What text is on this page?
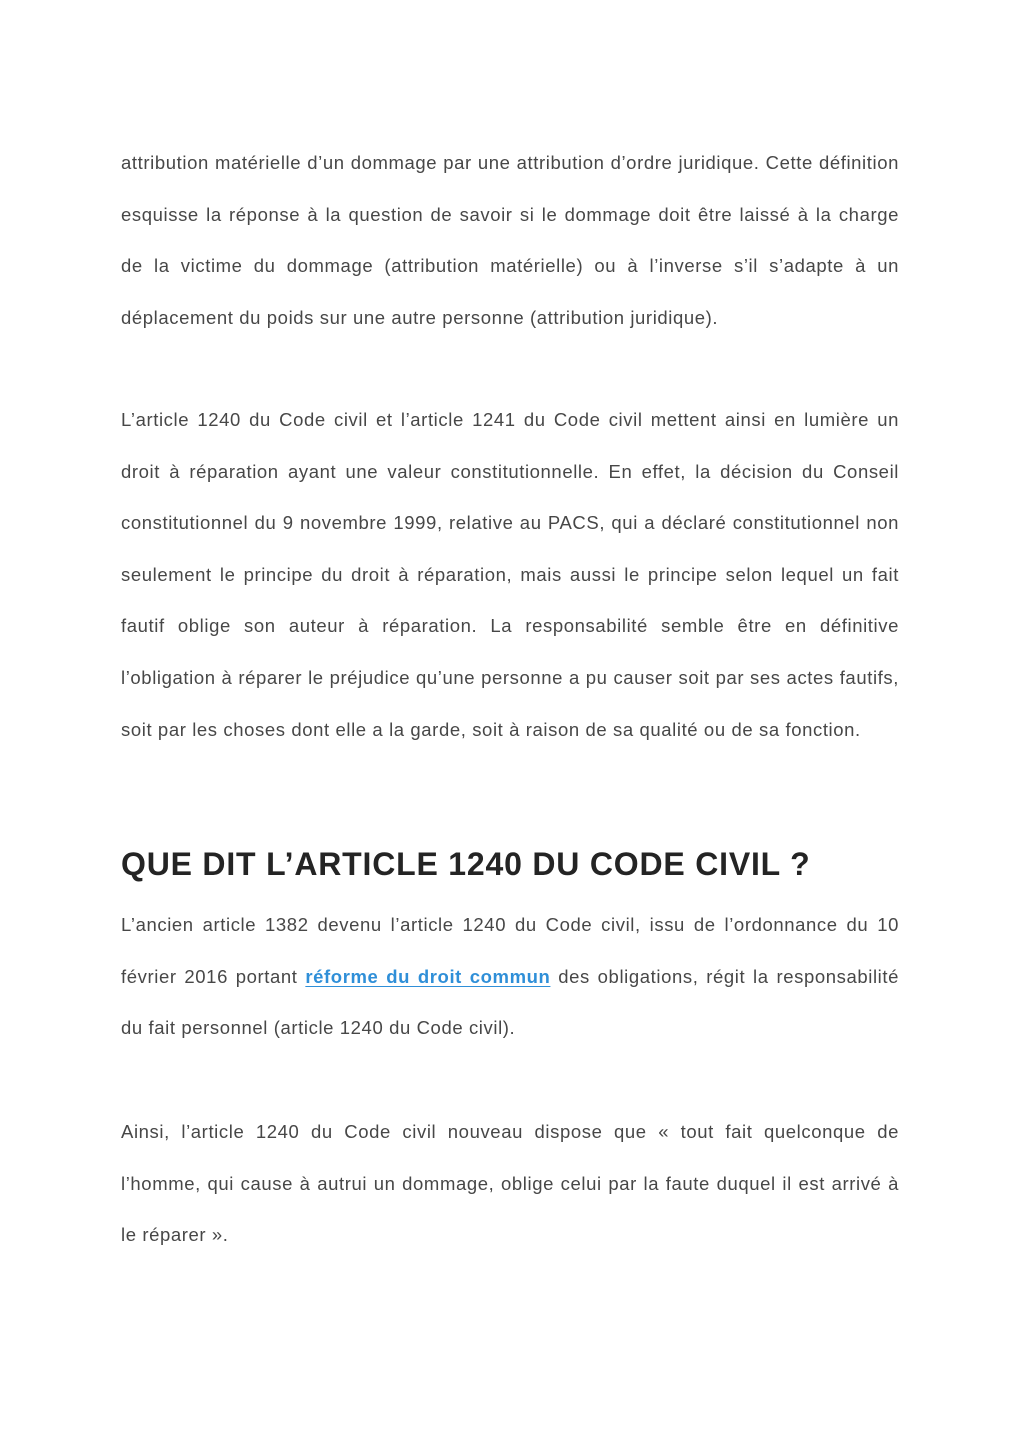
attribution matérielle d’un dommage par une attribution d’ordre juridique. Cette définition esquisse la réponse à la question de savoir si le dommage doit être laissé à la charge de la victime du dommage (attribution matérielle) ou à l’inverse s’il s’adapte à un déplacement du poids sur une autre personne (attribution juridique).

L’article 1240 du Code civil et l’article 1241 du Code civil mettent ainsi en lumière un droit à réparation ayant une valeur constitutionnelle. En effet, la décision du Conseil constitutionnel du 9 novembre 1999, relative au PACS, qui a déclaré constitutionnel non seulement le principe du droit à réparation, mais aussi le principe selon lequel un fait fautif oblige son auteur à réparation. La responsabilité semble être en définitive l’obligation à réparer le préjudice qu’une personne a pu causer soit par ses actes fautifs, soit par les choses dont elle a la garde, soit à raison de sa qualité ou de sa fonction.

QUE DIT L’ARTICLE 1240 DU CODE CIVIL ?

L’ancien article 1382 devenu l’article 1240 du Code civil, issu de l’ordonnance du 10 février 2016 portant réforme du droit commun des obligations, régit la responsabilité du fait personnel (article 1240 du Code civil).

Ainsi, l’article 1240 du Code civil nouveau dispose que « tout fait quelconque de l’homme, qui cause à autrui un dommage, oblige celui par la faute duquel il est arrivé à le réparer ».
